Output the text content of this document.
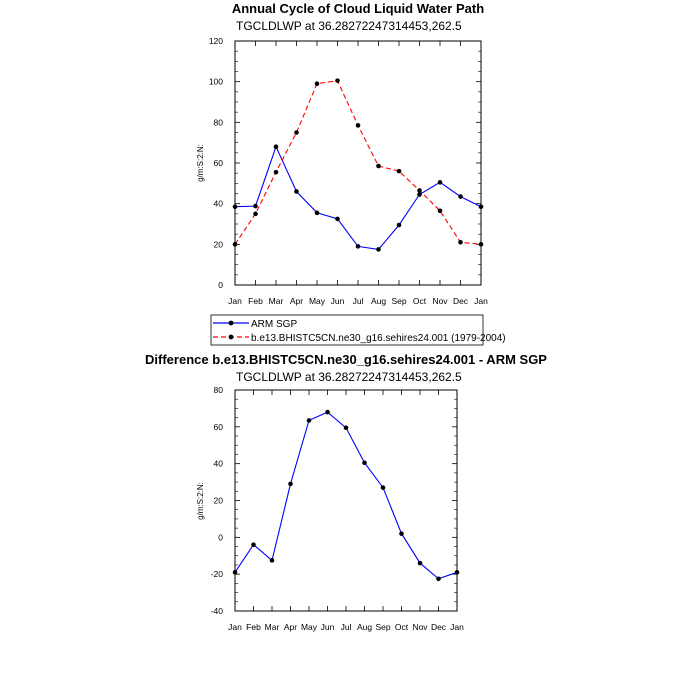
Annual Cycle of Cloud Liquid Water Path
TGCLDLWP at 36.28272247314453,262.5
Jan Feb Mar Apr May Jun Jul Aug Sep Oct Nov Dec Jan
0
20
40
60
80
100
120
g/m:S:2:N:
ARM SGP
b.e13.BHISTC5CN.ne30_g16.sehires24.001 (1979-2004)
Difference b.e13.BHISTC5CN.ne30_g16.sehires24.001 - ARM SGP
TGCLDLWP at 36.28272247314453,262.5
Jan Feb Mar Apr May Jun Jul Aug Sep Oct Nov Dec Jan
-40
-20
0
20
40
60
80
g/m:S:2:N:
